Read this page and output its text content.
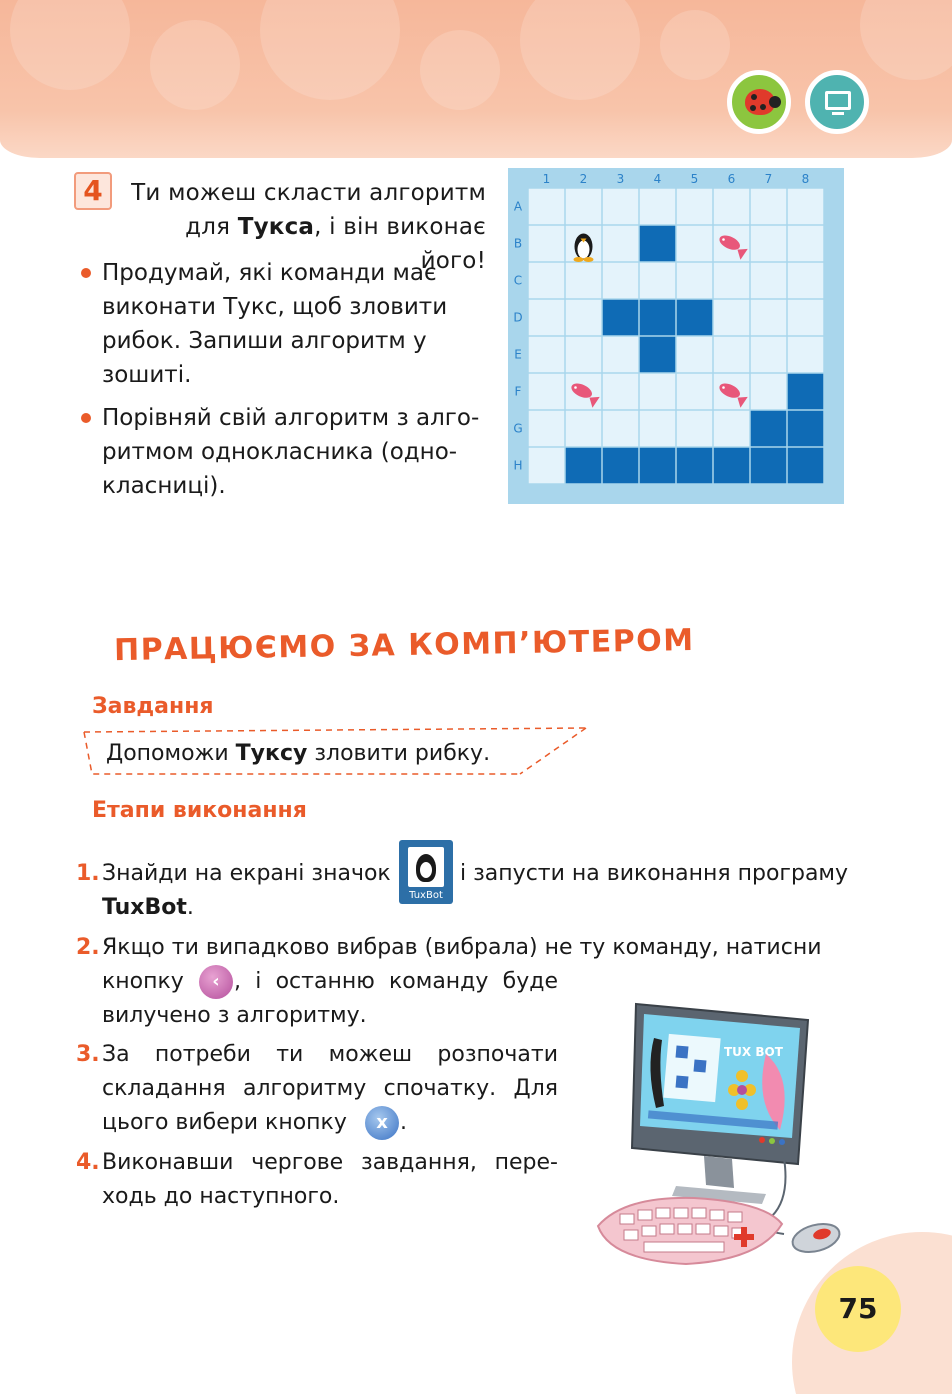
4	Ти можеш скласти алгоритм
для Тукса, і він виконає його!
Продумай, які команди має
виконати Тукс, щоб зловити
рибок. Запиши алгоритм у
зошиті.
Порівняй свій алгоритм з алго-
ритмом однокласника (одно-
класниці).
1 2 3 4 5 6 7 8
A
B
C
D
E
F
G
H
ПРАЦЮЄМО ЗА КОМП’ЮТЕРОМ
Завдання
Допоможи Туксу зловити рибку.
Етапи виконання
1. Знайди на екрані значок
TuxBot
і запусти на виконання програму
TuxBot.
2. Якщо ти випадково вибрав (вибрала) не ту команду, натисни
кнопку	‹ , і останню команду буде
вилучено з алгоритму.
3. За потреби ти можеш розпочати
складання алгоритму спочатку. Для
цього вибери кнопку	x .
4. Виконавши чергове завдання, пере-
ходь до наступного.
TUX BOT
75
